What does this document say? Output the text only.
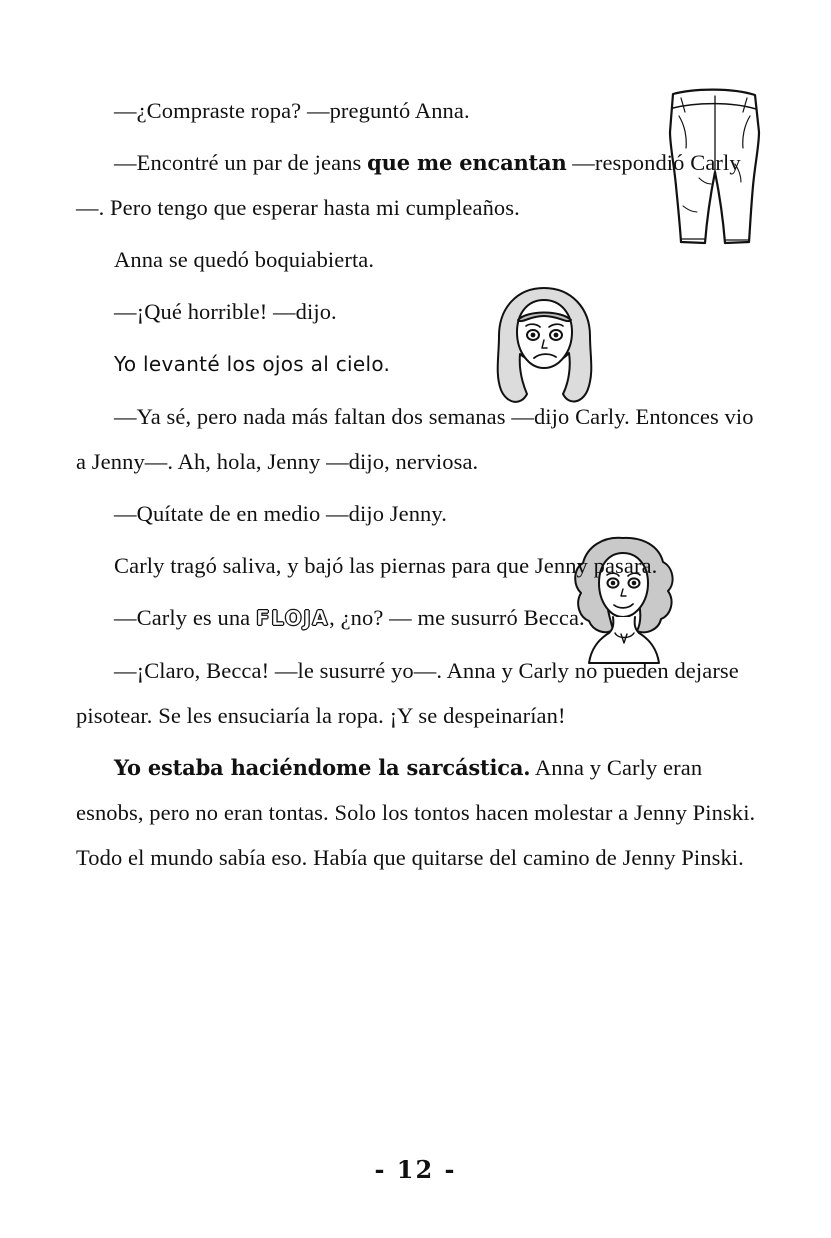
—¿Compraste ropa? —preguntó Anna.

—Encontré un par de jeans que me encantan —respondió Carly—. Pero tengo que esperar hasta mi cumpleaños.

Anna se quedó boquiabierta.

—¡Qué horrible! —dijo.

Yo levanté los ojos al cielo.

—Ya sé, pero nada más faltan dos semanas —dijo Carly. Entonces vio a Jenny—. Ah, hola, Jenny —dijo, nerviosa.

—Quítate de en medio —dijo Jenny.

Carly tragó saliva, y bajó las piernas para que Jenny pasara.

—Carly es una FLOJA, ¿no? — me susurró Becca.

—¡Claro, Becca! —le susurré yo—. Anna y Carly no pueden dejarse pisotear. Se les ensuciaría la ropa. ¡Y se despeinarían!

Yo estaba haciéndome la sarcástica. Anna y Carly eran esnobs, pero no eran tontas. Solo los tontos hacen molestar a Jenny Pinski. Todo el mundo sabía eso. Había que quitarse del camino de Jenny Pinski.

- 12 -
